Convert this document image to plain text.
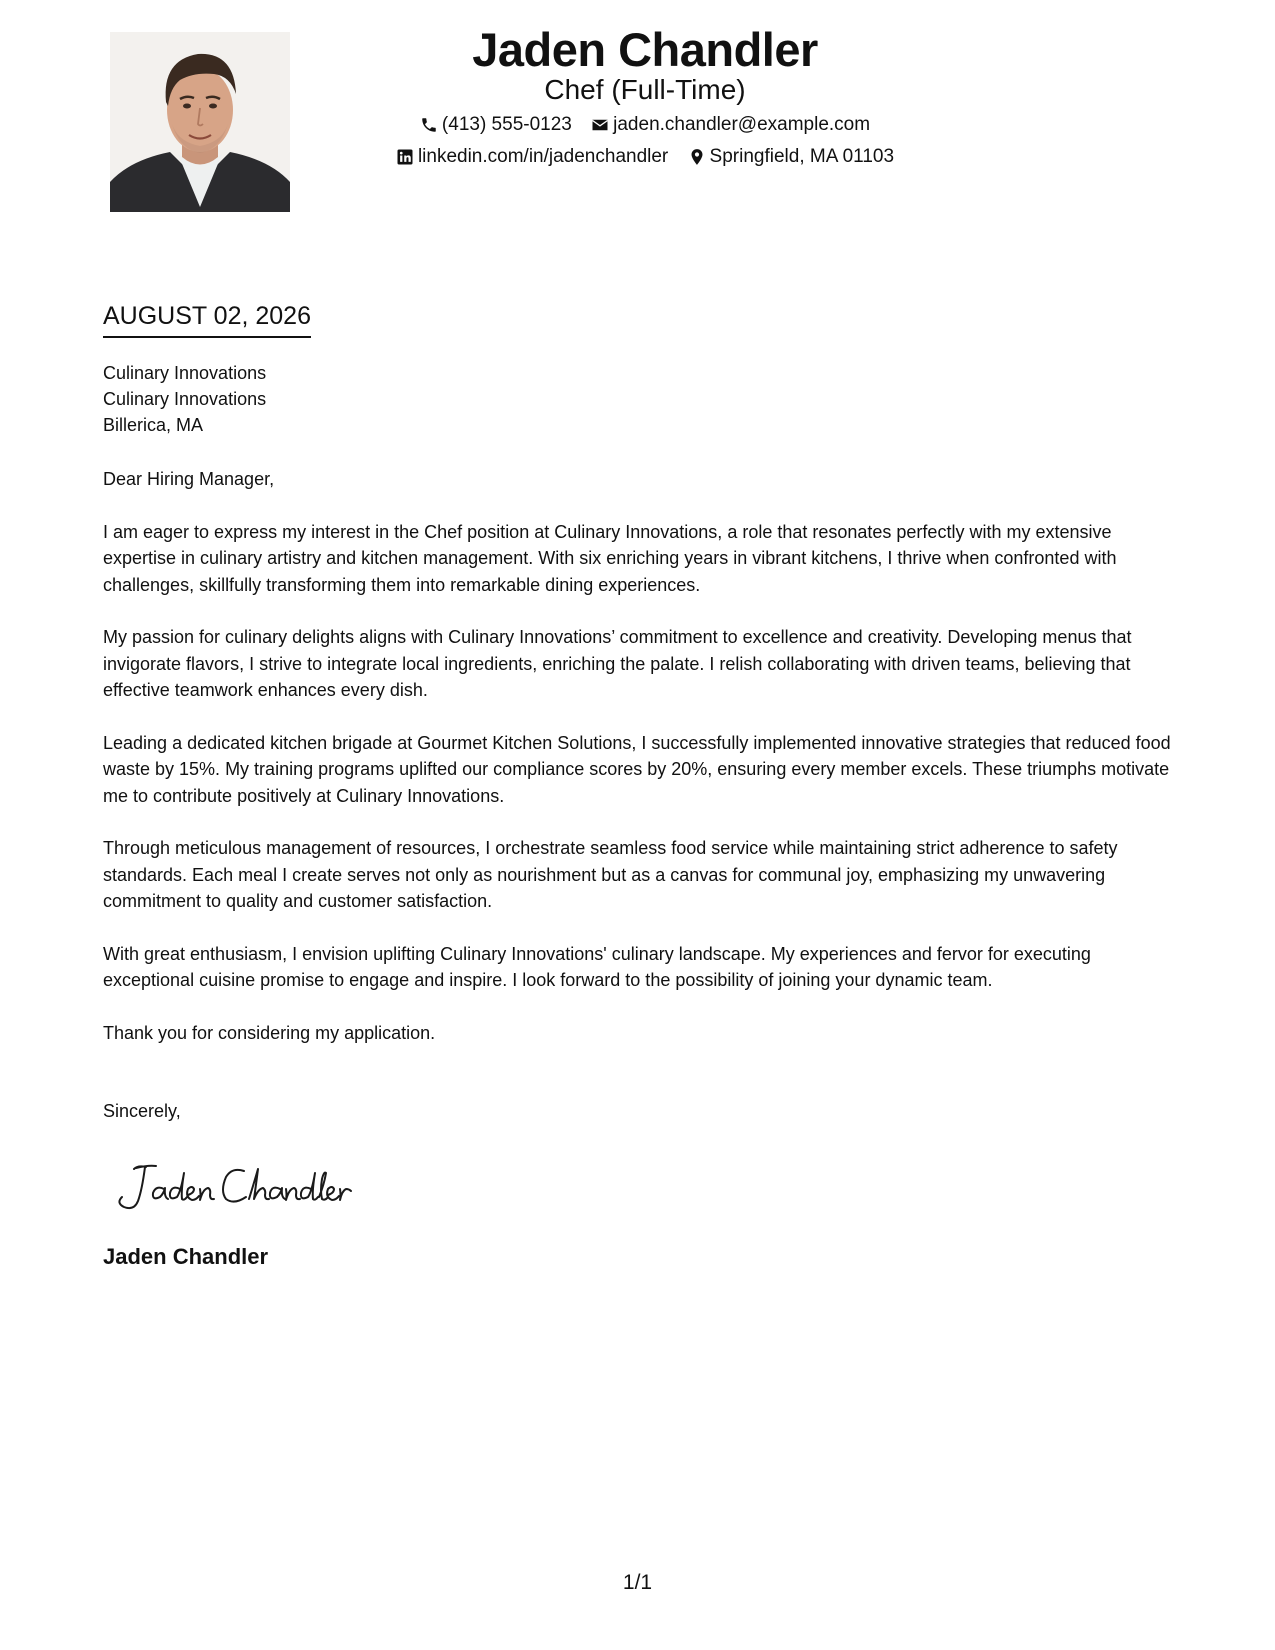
Jaden Chandler
Chef (Full-Time)
(413) 555-0123
jaden.chandler@example.com
linkedin.com/in/jadenchandler
Springfield, MA 01103
AUGUST 02, 2026
Culinary Innovations
Culinary Innovations
Billerica, MA
Dear Hiring Manager,

I am eager to express my interest in the Chef position at Culinary Innovations, a role that resonates perfectly with my extensive expertise in culinary artistry and kitchen management. With six enriching years in vibrant kitchens, I thrive when confronted with challenges, skillfully transforming them into remarkable dining experiences.

My passion for culinary delights aligns with Culinary Innovations’ commitment to excellence and creativity. Developing menus that invigorate flavors, I strive to integrate local ingredients, enriching the palate. I relish collaborating with driven teams, believing that effective teamwork enhances every dish.

Leading a dedicated kitchen brigade at Gourmet Kitchen Solutions, I successfully implemented innovative strategies that reduced food waste by 15%. My training programs uplifted our compliance scores by 20%, ensuring every member excels. These triumphs motivate me to contribute positively at Culinary Innovations.

Through meticulous management of resources, I orchestrate seamless food service while maintaining strict adherence to safety standards. Each meal I create serves not only as nourishment but as a canvas for communal joy, emphasizing my unwavering commitment to quality and customer satisfaction.

With great enthusiasm, I envision uplifting Culinary Innovations' culinary landscape. My experiences and fervor for executing exceptional cuisine promise to engage and inspire. I look forward to the possibility of joining your dynamic team.

Thank you for considering my application.

Sincerely,
Jaden Chandler
1/1
